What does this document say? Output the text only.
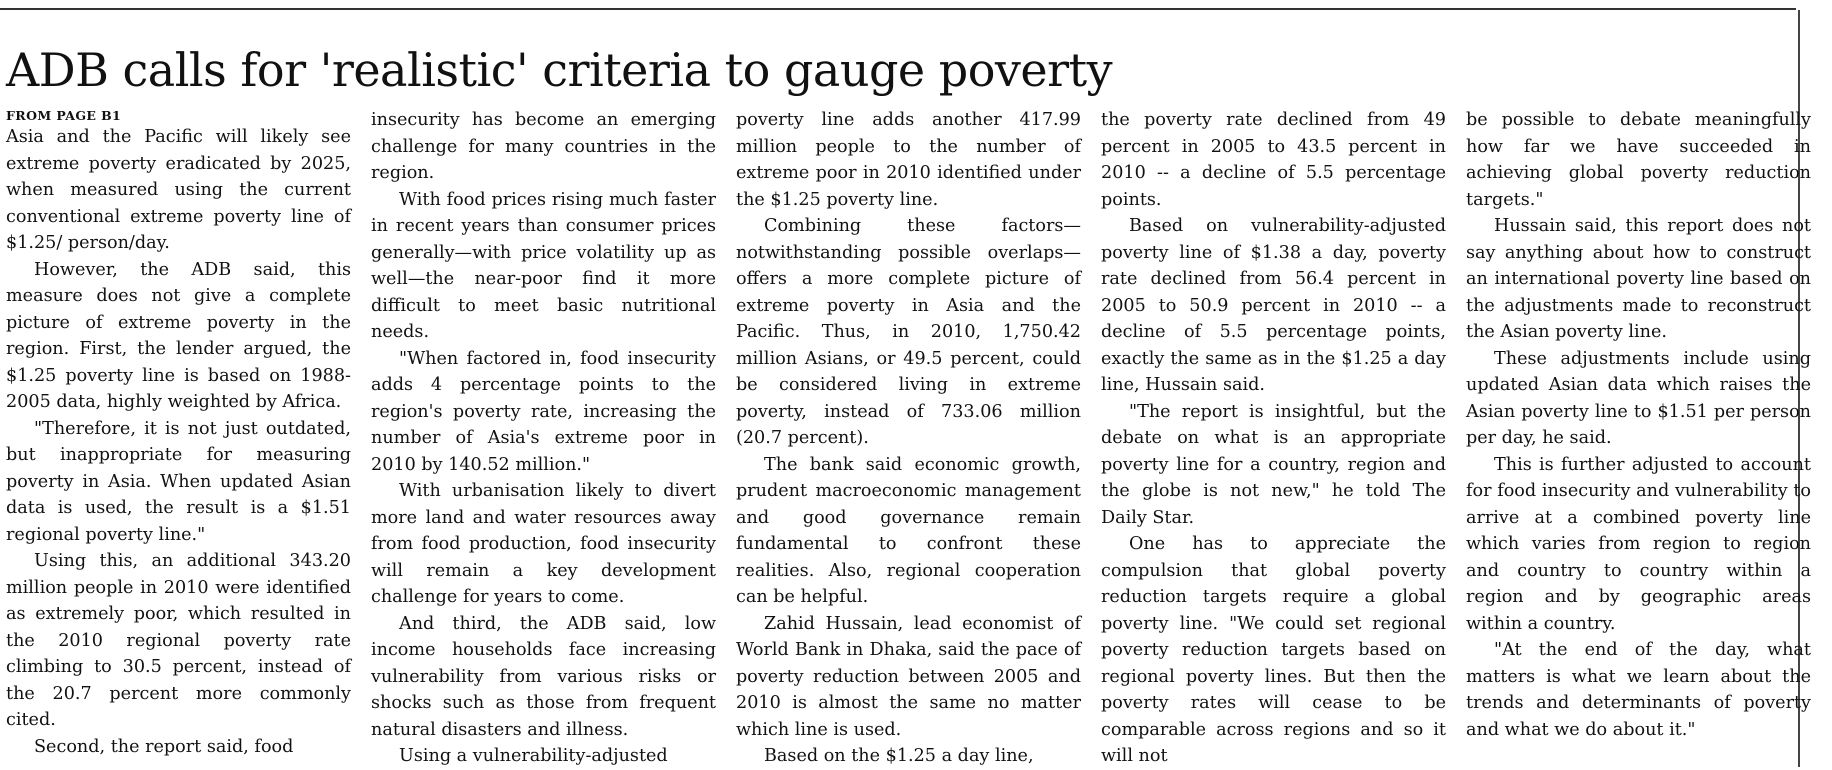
ADB calls for 'realistic' criteria to gauge poverty
FROM PAGE B1

Asia and the Pacific will likely see extreme poverty eradicated by 2025, when measured using the current conventional extreme poverty line of $1.25/ person/day.

However, the ADB said, this measure does not give a complete picture of extreme poverty in the region. First, the lender argued, the $1.25 poverty line is based on 1988-2005 data, highly weighted by Africa.

"Therefore, it is not just outdated, but inappropriate for measuring poverty in Asia. When updated Asian data is used, the result is a $1.51 regional poverty line."

Using this, an additional 343.20 million people in 2010 were identified as extremely poor, which resulted in the 2010 regional poverty rate climbing to 30.5 percent, instead of the 20.7 percent more commonly cited.

Second, the report said, food

insecurity has become an emerging challenge for many countries in the region.

With food prices rising much faster in recent years than consumer prices generally—with price volatility up as well—the near-poor find it more difficult to meet basic nutritional needs.

"When factored in, food insecurity adds 4 percentage points to the region's poverty rate, increasing the number of Asia's extreme poor in 2010 by 140.52 million."

With urbanisation likely to divert more land and water resources away from food production, food insecurity will remain a key development challenge for years to come.

And third, the ADB said, low income households face increasing vulnerability from various risks or shocks such as those from frequent natural disasters and illness.

Using a vulnerability-adjusted

poverty line adds another 417.99 million people to the number of extreme poor in 2010 identified under the $1.25 poverty line.

Combining these factors—notwithstanding possible overlaps—offers a more complete picture of extreme poverty in Asia and the Pacific. Thus, in 2010, 1,750.42 million Asians, or 49.5 percent, could be considered living in extreme poverty, instead of 733.06 million (20.7 percent).

The bank said economic growth, prudent macroeconomic management and good governance remain fundamental to confront these realities. Also, regional cooperation can be helpful.

Zahid Hussain, lead economist of World Bank in Dhaka, said the pace of poverty reduction between 2005 and 2010 is almost the same no matter which line is used.

Based on the $1.25 a day line,

the poverty rate declined from 49 percent in 2005 to 43.5 percent in 2010 -- a decline of 5.5 percentage points.

Based on vulnerability-adjusted poverty line of $1.38 a day, poverty rate declined from 56.4 percent in 2005 to 50.9 percent in 2010 -- a decline of 5.5 percentage points, exactly the same as in the $1.25 a day line, Hussain said.

"The report is insightful, but the debate on what is an appropriate poverty line for a country, region and the globe is not new," he told The Daily Star.

One has to appreciate the compulsion that global poverty reduction targets require a global poverty line. "We could set regional poverty reduction targets based on regional poverty lines. But then the poverty rates will cease to be comparable across regions and so it will not

be possible to debate meaningfully how far we have succeeded in achieving global poverty reduction targets."

Hussain said, this report does not say anything about how to construct an international poverty line based on the adjustments made to reconstruct the Asian poverty line.

These adjustments include using updated Asian data which raises the Asian poverty line to $1.51 per person per day, he said.

This is further adjusted to account for food insecurity and vulnerability to arrive at a combined poverty line which varies from region to region and country to country within a region and by geographic areas within a country.

"At the end of the day, what matters is what we learn about the trends and determinants of poverty and what we do about it."
